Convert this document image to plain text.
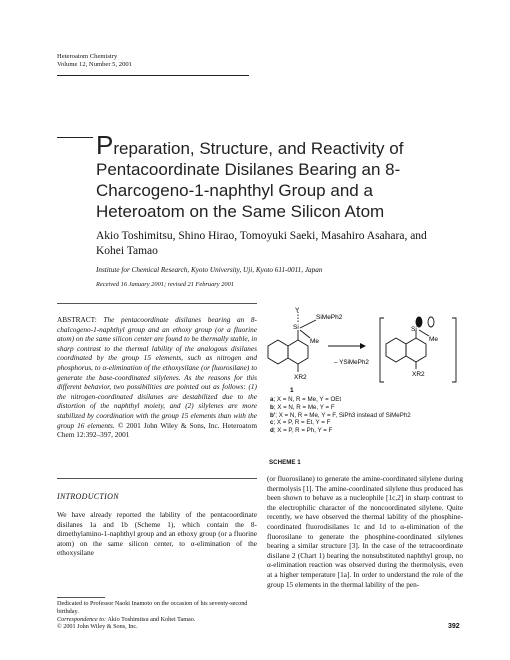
Heteroatom Chemistry
Volume 12, Number 5, 2001
Preparation, Structure, and Reactivity of Pentacoordinate Disilanes Bearing an 8-Charcogeno-1-naphthyl Group and a Heteroatom on the Same Silicon Atom
Akio Toshimitsu, Shino Hirao, Tomoyuki Saeki, Masahiro Asahara, and Kohei Tamao
Institute for Chemical Research, Kyoto University, Uji, Kyoto 611-0011, Japan
Received 16 January 2001; revised 21 February 2001
ABSTRACT: The pentacoordinate disilanes bearing an 8-chalcogeno-1-naphthyl group and an ethoxy group (or a fluorine atom) on the same silicon center are found to be thermally stable, in sharp contrast to the thermal lability of the analogous disilanes coordinated by the group 15 elements, such as nitrogen and phosphorus, to α-elimination of the ethoxysilane (or fluorosilane) to generate the base-coordinated silylenes. As the reasons for this different behavior, two possibilities are pointed out as follows: (1) the nitrogen-coordinated disilanes are destabilized due to the distortion of the naphthyl moiety, and (2) silylenes are more stabilized by coordination with the group 15 elements than with the group 16 elements. © 2001 John Wiley & Sons, Inc. Heteroatom Chem 12:392–397, 2001
INTRODUCTION
We have already reported the lability of the pentacoordinate disilanes 1a and 1b (Scheme 1), which contain the 8-dimethylamino-1-naphthyl group and an ethoxy group (or a fluorine atom) on the same silicon center, to α-elimination of the ethoxysilane
Dedicated to Professor Naoki Inamoto on the occasion of his seventy-second birthday.
Correspondence to: Akio Toshimitsu and Kohei Tamao.
© 2001 John Wiley & Sons, Inc.
Y
Si
SiMePh2
Me
XR2
1
– YSiMePh2
Si
Me
XR2
a; X = N, R = Me, Y = OEt
b; X = N, R = Me, Y = F
b'; X = N, R = Me, Y = F, SiPh3 instead of SiMePh2
c; X = P, R = Et, Y = F
d; X = P, R = Ph, Y = F
SCHEME 1
(or fluorosilane) to generate the amine-coordinated silylene during thermolysis [1]. The amine-coordinated silylene thus produced has been shown to behave as a nucleophile [1c,2] in sharp contrast to the electrophilic character of the noncoordinated silylene. Quite recently, we have observed the thermal lability of the phosphine-coordinated fluorodisilanes 1c and 1d to α-elimination of the fluorosilane to generate the phosphine-coordinated silylenes bearing a similar structure [3]. In the case of the tetracoordinate disilane 2 (Chart 1) bearing the nonsubstituted naphthyl group, no α-elimination reaction was observed during the thermolysis, even at a higher temperature [1a]. In order to understand the role of the group 15 elements in the thermal lability of the pen-
392
